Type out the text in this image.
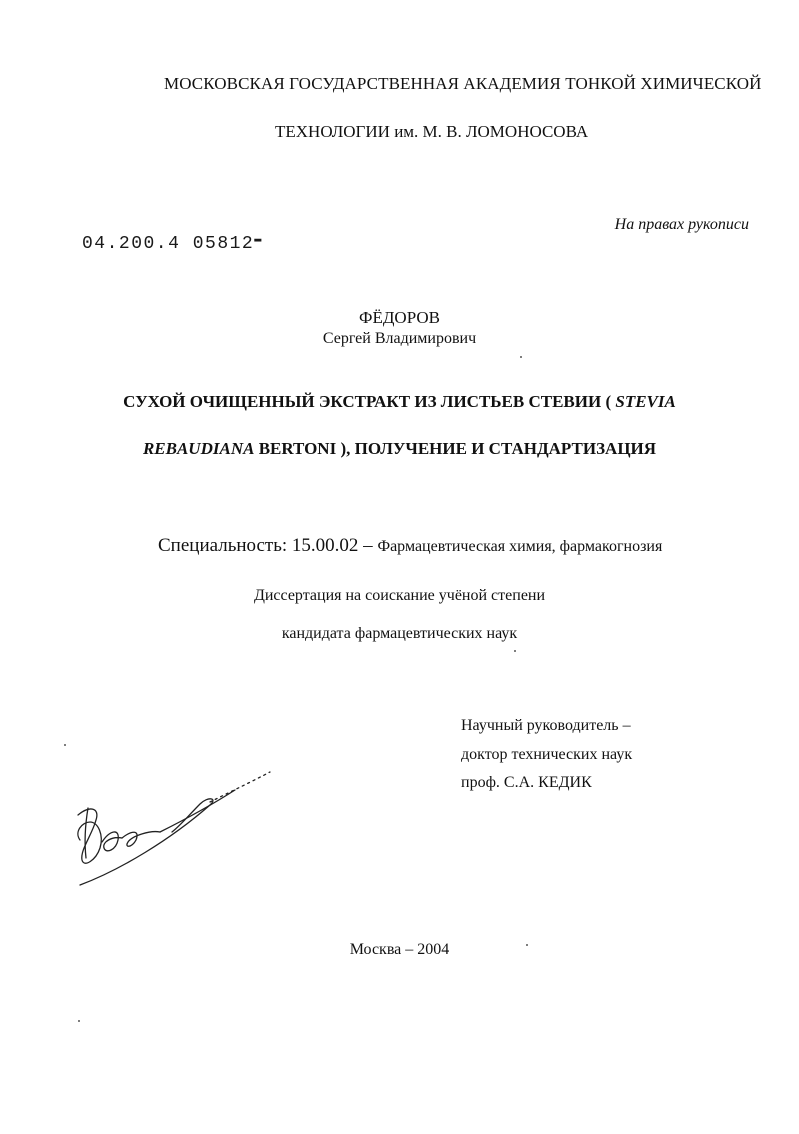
МОСКОВСКАЯ ГОСУДАРСТВЕННАЯ АКАДЕМИЯ ТОНКОЙ ХИМИЧЕСКОЙ
ТЕХНОЛОГИИ им. М. В. ЛОМОНОСОВА
04.200.4 05812▬
На правах рукописи
ФЁДОРОВ
Сергей Владимирович
СУХОЙ ОЧИЩЕННЫЙ ЭКСТРАКТ ИЗ ЛИСТЬЕВ СТЕВИИ ( STEVIA
REBAUDIANA BERTONI ), ПОЛУЧЕНИЕ И СТАНДАРТИЗАЦИЯ
Специальность: 15.00.02 – Фармацевтическая химия, фармакогнозия
Диссертация на соискание учёной степени
кандидата фармацевтических наук
Научный руководитель –
доктор технических наук
проф. С.А. КЕДИК
Москва – 2004
